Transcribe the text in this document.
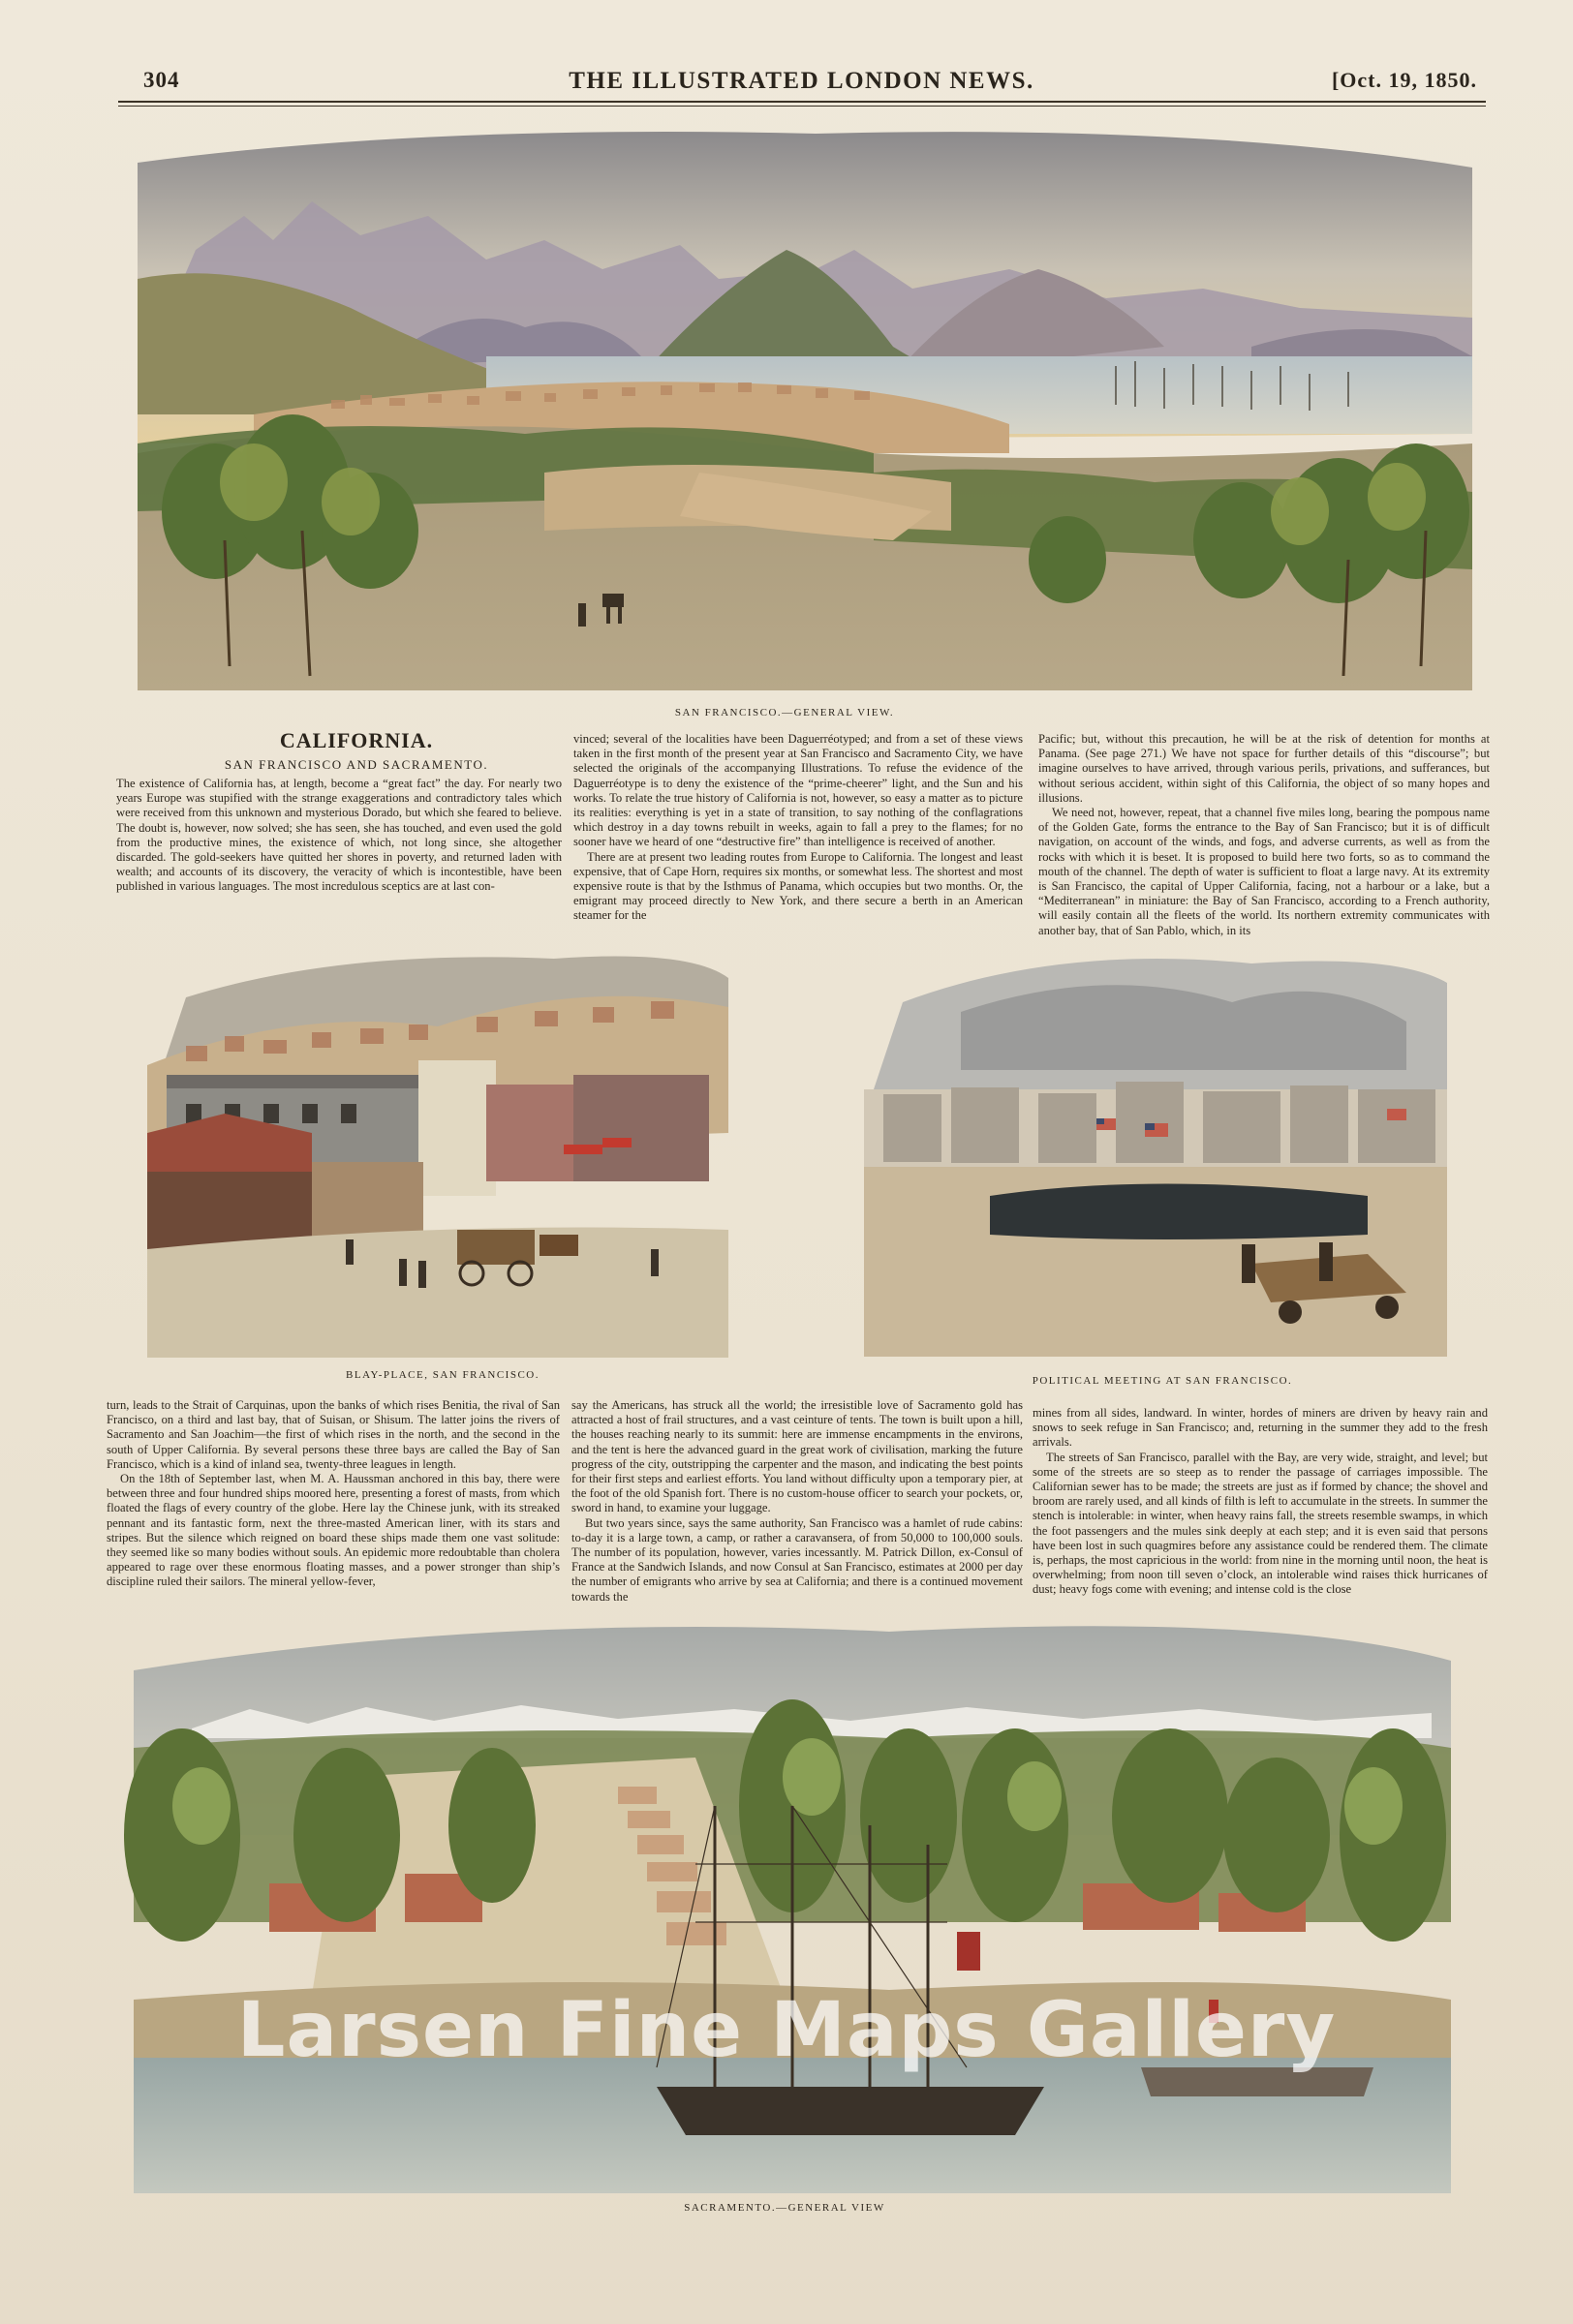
304	THE ILLUSTRATED LONDON NEWS.	[Oct. 19, 1850.
SAN FRANCISCO.—GENERAL VIEW.
CALIFORNIA.
SAN FRANCISCO AND SACRAMENTO.

The existence of California has, at length, become a “great fact” the day. For nearly two years Europe was stupified with the strange exaggerations and contradictory tales which were received from this unknown and mysterious Dorado, but which she feared to believe. The doubt is, however, now solved; she has seen, she has touched, and even used the gold from the productive mines, the existence of which, not long since, she altogether discarded. The gold-seekers have quitted her shores in poverty, and returned laden with wealth; and accounts of its discovery, the veracity of which is incontestible, have been published in various languages. The most incredulous sceptics are at last con-

vinced; several of the localities have been Daguerréotyped; and from a set of these views taken in the first month of the present year at San Francisco and Sacramento City, we have selected the originals of the accompanying Illustrations. To refuse the evidence of the Daguerréotype is to deny the existence of the “prime-cheerer” light, and the Sun and his works. To relate the true history of California is not, however, so easy a matter as to picture its realities: everything is yet in a state of transition, to say nothing of the conflagrations which destroy in a day towns rebuilt in weeks, again to fall a prey to the flames; for no sooner have we heard of one “destructive fire” than intelligence is received of another.

There are at present two leading routes from Europe to California. The longest and least expensive, that of Cape Horn, requires six months, or somewhat less. The shortest and most expensive route is that by the Isthmus of Panama, which occupies but two months. Or, the emigrant may proceed directly to New York, and there secure a berth in an American steamer for the

Pacific; but, without this precaution, he will be at the risk of detention for months at Panama. (See page 271.) We have not space for further details of this “discourse”; but imagine ourselves to have arrived, through various perils, privations, and sufferances, but without serious accident, within sight of this California, the object of so many hopes and illusions.

We need not, however, repeat, that a channel five miles long, bearing the pompous name of the Golden Gate, forms the entrance to the Bay of San Francisco; but it is of difficult navigation, on account of the winds, and fogs, and adverse currents, as well as from the rocks with which it is beset. It is proposed to build here two forts, so as to command the mouth of the channel. The depth of water is sufficient to float a large navy. At its extremity is San Francisco, the capital of Upper California, facing, not a harbour or a lake, but a “Mediterranean” in miniature: the Bay of San Francisco, according to a French authority, will easily contain all the fleets of the world. Its northern extremity communicates with another bay, that of San Pablo, which, in its

BLAY-PLACE, SAN FRANCISCO.	POLITICAL MEETING AT SAN FRANCISCO.

turn, leads to the Strait of Carquinas, upon the banks of which rises Benitia, the rival of San Francisco, on a third and last bay, that of Suisan, or Shisum. The latter joins the rivers of Sacramento and San Joachim—the first of which rises in the north, and the second in the south of Upper California. By several persons these three bays are called the Bay of San Francisco, which is a kind of inland sea, twenty-three leagues in length.

On the 18th of September last, when M. A. Haussman anchored in this bay, there were between three and four hundred ships moored here, presenting a forest of masts, from which floated the flags of every country of the globe. Here lay the Chinese junk, with its streaked pennant and its fantastic form, next the three-masted American liner, with its stars and stripes. But the silence which reigned on board these ships made them one vast solitude: they seemed like so many bodies without souls. An epidemic more redoubtable than cholera appeared to rage over these enormous floating masses, and a power stronger than ship’s discipline ruled their sailors. The mineral yellow-fever,

say the Americans, has struck all the world; the irresistible love of Sacramento gold has attracted a host of frail structures, and a vast ceinture of tents. The town is built upon a hill, the houses reaching nearly to its summit: here are immense encampments in the environs, and the tent is here the advanced guard in the great work of civilisation, marking the future progress of the city, outstripping the carpenter and the mason, and indicating the best points for their first steps and earliest efforts. You land without difficulty upon a temporary pier, at the foot of the old Spanish fort. There is no custom-house officer to search your pockets, or, sword in hand, to examine your luggage.

But two years since, says the same authority, San Francisco was a hamlet of rude cabins: to-day it is a large town, a camp, or rather a caravansera, of from 50,000 to 100,000 souls. The number of its population, however, varies incessantly. M. Patrick Dillon, ex-Consul of France at the Sandwich Islands, and now Consul at San Francisco, estimates at 2000 per day the number of emigrants who arrive by sea at California; and there is a continued movement towards the

mines from all sides, landward. In winter, hordes of miners are driven by heavy rain and snows to seek refuge in San Francisco; and, returning in the summer they add to the fresh arrivals.

The streets of San Francisco, parallel with the Bay, are very wide, straight, and level; but some of the streets are so steep as to render the passage of carriages impossible. The Californian sewer has to be made; the streets are just as if formed by chance; the shovel and broom are rarely used, and all kinds of filth is left to accumulate in the streets. In summer the stench is intolerable: in winter, when heavy rains fall, the streets resemble swamps, in which the foot passengers and the mules sink deeply at each step; and it is even said that persons have been lost in such quagmires before any assistance could be rendered them. The climate is, perhaps, the most capricious in the world: from nine in the morning until noon, the heat is overwhelming; from noon till seven o’clock, an intolerable wind raises thick hurricanes of dust; heavy fogs come with evening; and intense cold is the close

SACRAMENTO.—GENERAL VIEW
Larsen Fine Maps Gallery
